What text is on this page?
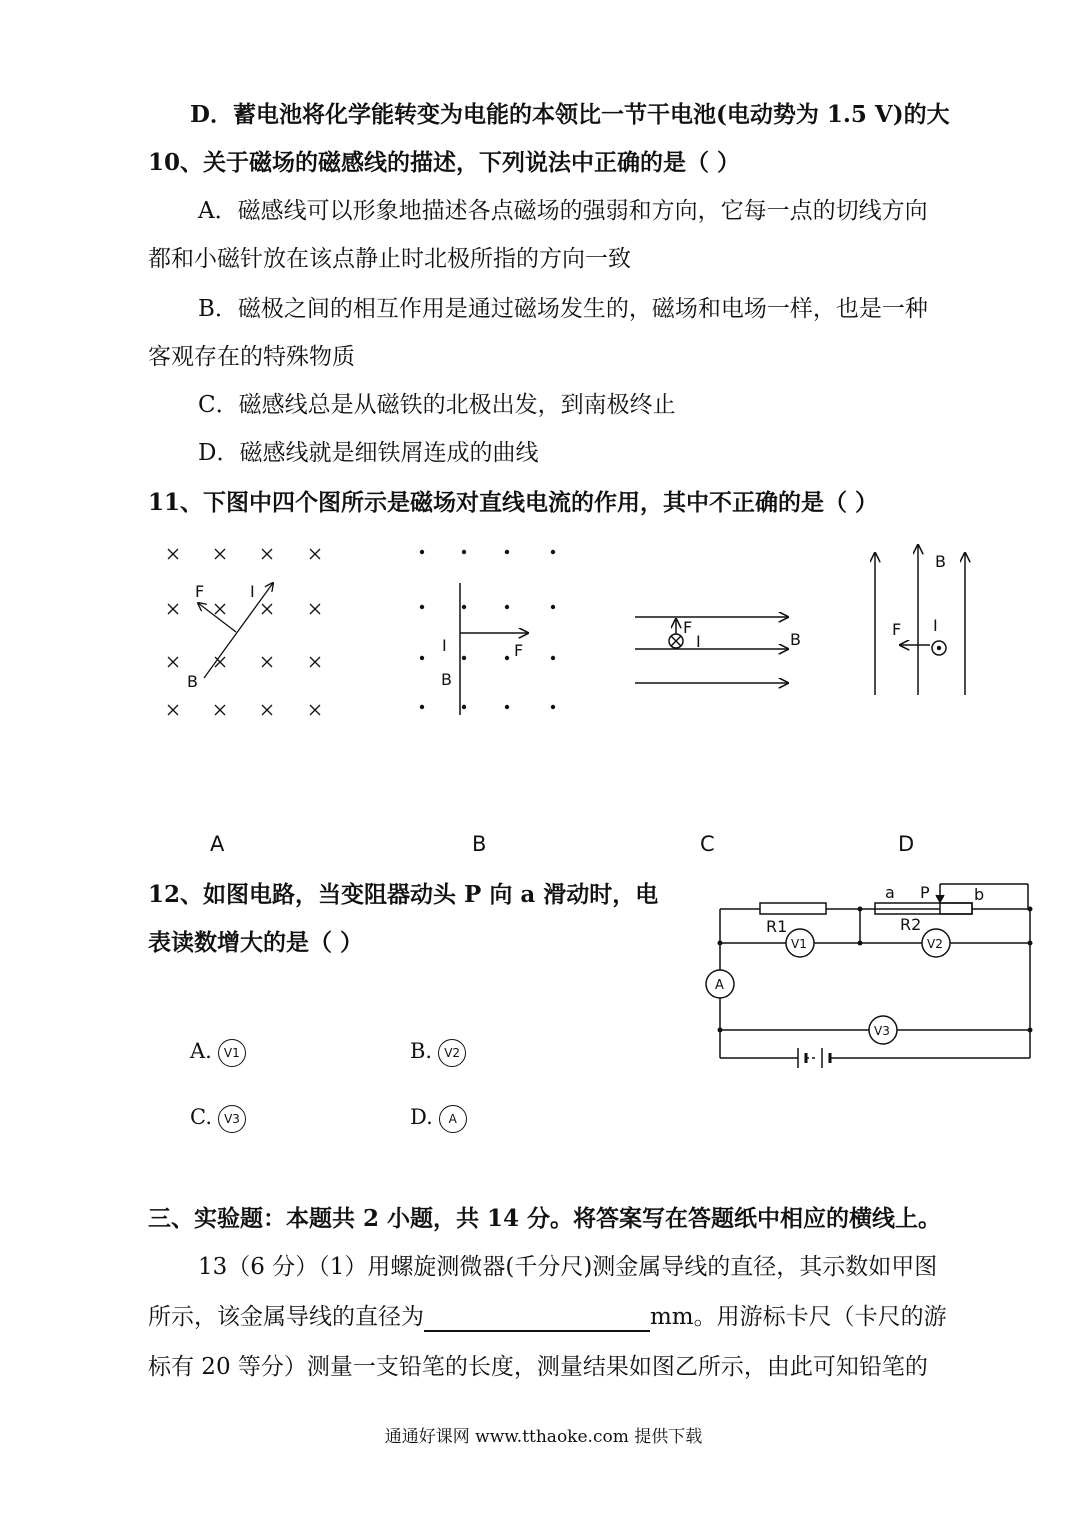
D．蓄电池将化学能转变为电能的本领比一节干电池(电动势为 1.5 V)的大
10、关于磁场的磁感线的描述，下列说法中正确的是（ ）
A．磁感线可以形象地描述各点磁场的强弱和方向，它每一点的切线方向
都和小磁针放在该点静止时北极所指的方向一致
B．磁极之间的相互作用是通过磁场发生的，磁场和电场一样，也是一种
客观存在的特殊物质
C．磁感线总是从磁铁的北极出发，到南极终止
D．磁感线就是细铁屑连成的曲线
11、下图中四个图所示是磁场对直线电流的作用，其中不正确的是（ ）
F	I
B
I	F
B
F
I	B
B
F I
A	B	C	D
12、如图电路，当变阻器动头 P 向 a 滑动时，电
表读数增大的是（ ）
A. V1	B. V2
C. V3	D. A
a P	b
R1	R2
V1	V2
V3
A
三、实验题：本题共 2 小题，共 14 分。将答案写在答题纸中相应的横线上。
13（6 分）（1）用螺旋测微器(千分尺)测金属导线的直径，其示数如甲图
所示，该金属导线的直径为	mm。用游标卡尺（卡尺的游
标有 20 等分）测量一支铅笔的长度，测量结果如图乙所示，由此可知铅笔的
通通好课网 www.tthaoke.com 提供下载
